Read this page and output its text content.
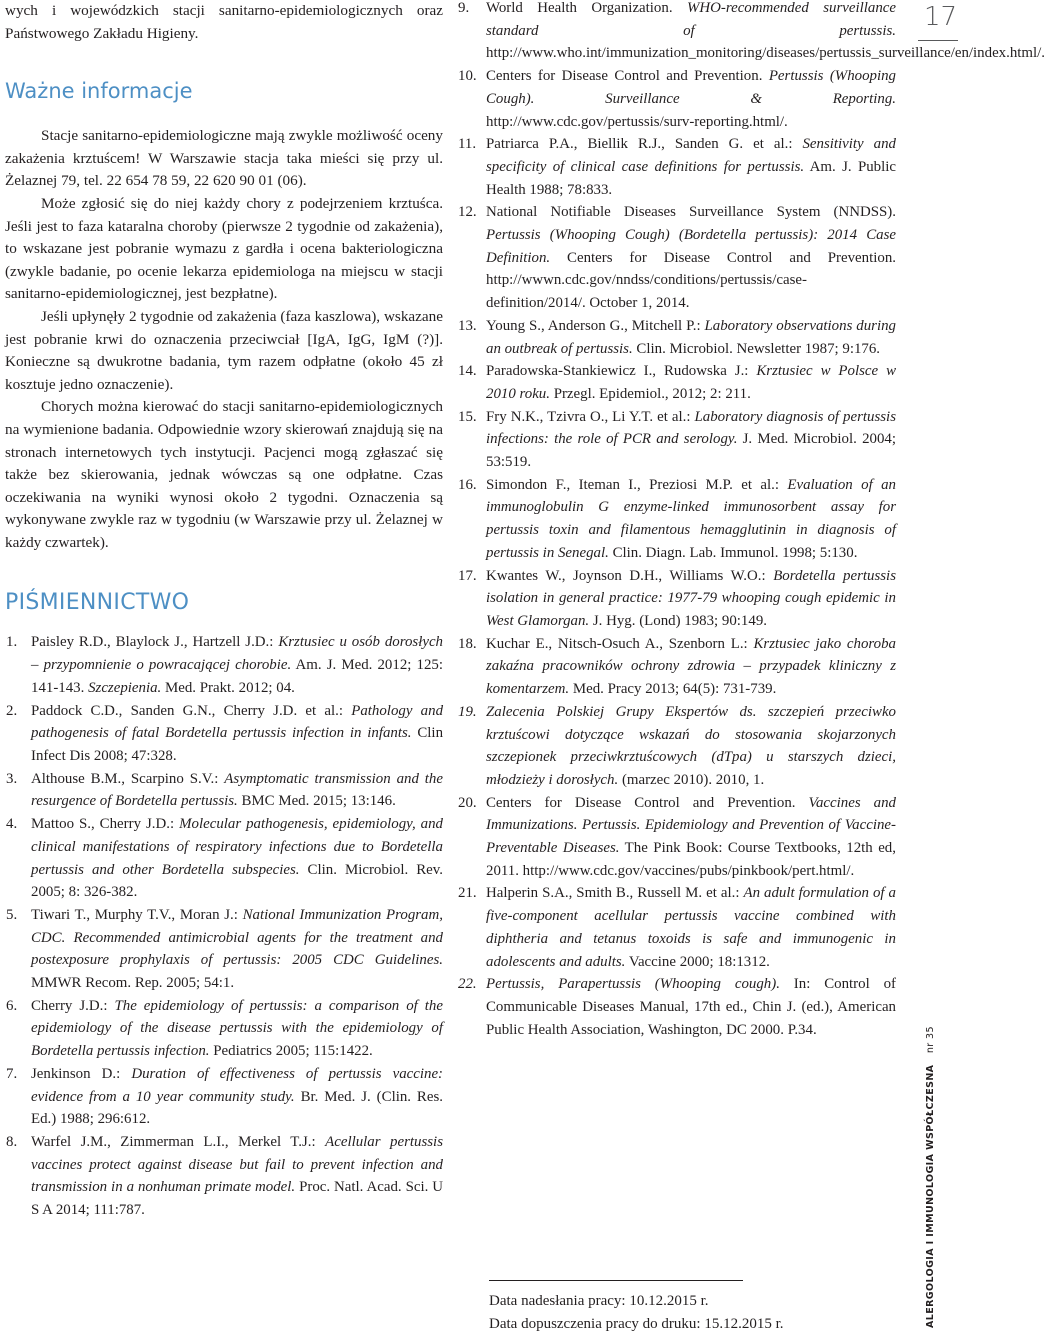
wych i wojewódzkich stacji sanitarno-epidemiologicznych oraz Państwowego Zakładu Higieny.

Ważne informacje

Stacje sanitarno-epidemiologiczne mają zwykle możliwość oceny zakażenia krztuścem! W Warszawie stacja taka mieści się przy ul. Żelaznej 79, tel. 22 654 78 59, 22 620 90 01 (06).

Może zgłosić się do niej każdy chory z podejrzeniem krztuśca. Jeśli jest to faza kataralna choroby (pierwsze 2 tygodnie od zakażenia), to wskazane jest pobranie wymazu z gardła i ocena bakteriologiczna (zwykle badanie, po ocenie lekarza epidemiologa na miejscu w stacji sanitarno-epidemiologicznej, jest bezpłatne).

Jeśli upłynęły 2 tygodnie od zakażenia (faza kaszlowa), wskazane jest pobranie krwi do oznaczenia przeciwciał [IgA, IgG, IgM (?)]. Konieczne są dwukrotne badania, tym razem odpłatne (około 45 zł kosztuje jedno oznaczenie).

Chorych można kierować do stacji sanitarno-epidemiologicznych na wymienione badania. Odpowiednie wzory skierowań znajdują się na stronach internetowych tych instytucji. Pacjenci mogą zgłaszać się także bez skierowania, jednak wówczas są one odpłatne. Czas oczekiwania na wyniki wynosi około 2 tygodni. Oznaczenia są wykonywane zwykle raz w tygodniu (w Warszawie przy ul. Żelaznej w każdy czwartek).

PIŚMIENNICTWO
1. Paisley R.D., Blaylock J., Hartzell J.D.: Krztusiec u osób dorosłych – przypomnienie o powracającej chorobie. Am. J. Med. 2012; 125: 141-143. Szczepienia. Med. Prakt. 2012; 04.
2. Paddock C.D., Sanden G.N., Cherry J.D. et al.: Pathology and pathogenesis of fatal Bordetella pertussis infection in infants. Clin Infect Dis 2008; 47:328.
3. Althouse B.M., Scarpino S.V.: Asymptomatic transmission and the resurgence of Bordetella pertussis. BMC Med. 2015; 13:146.
4. Mattoo S., Cherry J.D.: Molecular pathogenesis, epidemiology, and clinical manifestations of respiratory infections due to Bordetella pertussis and other Bordetella subspecies. Clin. Microbiol. Rev. 2005; 8: 326-382.
5. Tiwari T., Murphy T.V., Moran J.: National Immunization Program, CDC. Recommended antimicrobial agents for the treatment and postexposure prophylaxis of pertussis: 2005 CDC Guidelines. MMWR Recom. Rep. 2005; 54:1.
6. Cherry J.D.: The epidemiology of pertussis: a comparison of the epidemiology of the disease pertussis with the epidemiology of Bordetella pertussis infection. Pediatrics 2005; 115:1422.
7. Jenkinson D.: Duration of effectiveness of pertussis vaccine: evidence from a 10 year community study. Br. Med. J. (Clin. Res. Ed.) 1988; 296:612.
8. Warfel J.M., Zimmerman L.I., Merkel T.J.: Acellular pertussis vaccines protect against disease but fail to prevent infection and transmission in a nonhuman primate model. Proc. Natl. Acad. Sci. U S A 2014; 111:787.
9. World Health Organization. WHO-recommended surveillance standard of pertussis. http://www.who.int/immunization_monitoring/diseases/pertussis_surveillance/en/index.html/.
10. Centers for Disease Control and Prevention. Pertussis (Whooping Cough). Surveillance & Reporting. http://www.cdc.gov/pertussis/surv-reporting.html/.
11. Patriarca P.A., Biellik R.J., Sanden G. et al.: Sensitivity and specificity of clinical case definitions for pertussis. Am. J. Public Health 1988; 78:833.
12. National Notifiable Diseases Surveillance System (NNDSS). Pertussis (Whooping Cough) (Bordetella pertussis): 2014 Case Definition. Centers for Disease Control and Prevention. http://wwwn.cdc.gov/nndss/conditions/pertussis/case-definition/2014/. October 1, 2014.
13. Young S., Anderson G., Mitchell P.: Laboratory observations during an outbreak of pertussis. Clin. Microbiol. Newsletter 1987; 9:176.
14. Paradowska-Stankiewicz I., Rudowska J.: Krztusiec w Polsce w 2010 roku. Przegl. Epidemiol., 2012; 2: 211.
15. Fry N.K., Tzivra O., Li Y.T. et al.: Laboratory diagnosis of pertussis infections: the role of PCR and serology. J. Med. Microbiol. 2004; 53:519.
16. Simondon F., Iteman I., Preziosi M.P. et al.: Evaluation of an immunoglobulin G enzyme-linked immunosorbent assay for pertussis toxin and filamentous hemagglutinin in diagnosis of pertussis in Senegal. Clin. Diagn. Lab. Immunol. 1998; 5:130.
17. Kwantes W., Joynson D.H., Williams W.O.: Bordetella pertussis isolation in general practice: 1977-79 whooping cough epidemic in West Glamorgan. J. Hyg. (Lond) 1983; 90:149.
18. Kuchar E., Nitsch-Osuch A., Szenborn L.: Krztusiec jako choroba zakaźna pracowników ochrony zdrowia – przypadek kliniczny z komentarzem. Med. Pracy 2013; 64(5): 731-739.
19. Zalecenia Polskiej Grupy Ekspertów ds. szczepień przeciwko krztuścowi dotyczące wskazań do stosowania skojarzonych szczepionek przeciwkrztuścowych (dTpa) u starszych dzieci, młodzieży i dorosłych. (marzec 2010). 2010, 1.
20. Centers for Disease Control and Prevention. Vaccines and Immunizations. Pertussis. Epidemiology and Prevention of Vaccine-Preventable Diseases. The Pink Book: Course Textbooks, 12th ed, 2011. http://www.cdc.gov/vaccines/pubs/pinkbook/pert.html/.
21. Halperin S.A., Smith B., Russell M. et al.: An adult formulation of a five-component acellular pertussis vaccine combined with diphtheria and tetanus toxoids is safe and immunogenic in adolescents and adults. Vaccine 2000; 18:1312.
22. Pertussis, Parapertussis (Whooping cough). In: Control of Communicable Diseases Manual, 17th ed., Chin J. (ed.), American Public Health Association, Washington, DC 2000. P.34.
Data nadesłania pracy: 10.12.2015 r.
Data dopuszczenia pracy do druku: 15.12.2015 r.
17
ALERGOLOGIA I IMMUNOLOGIA WSPÓŁCZESNA nr 35
